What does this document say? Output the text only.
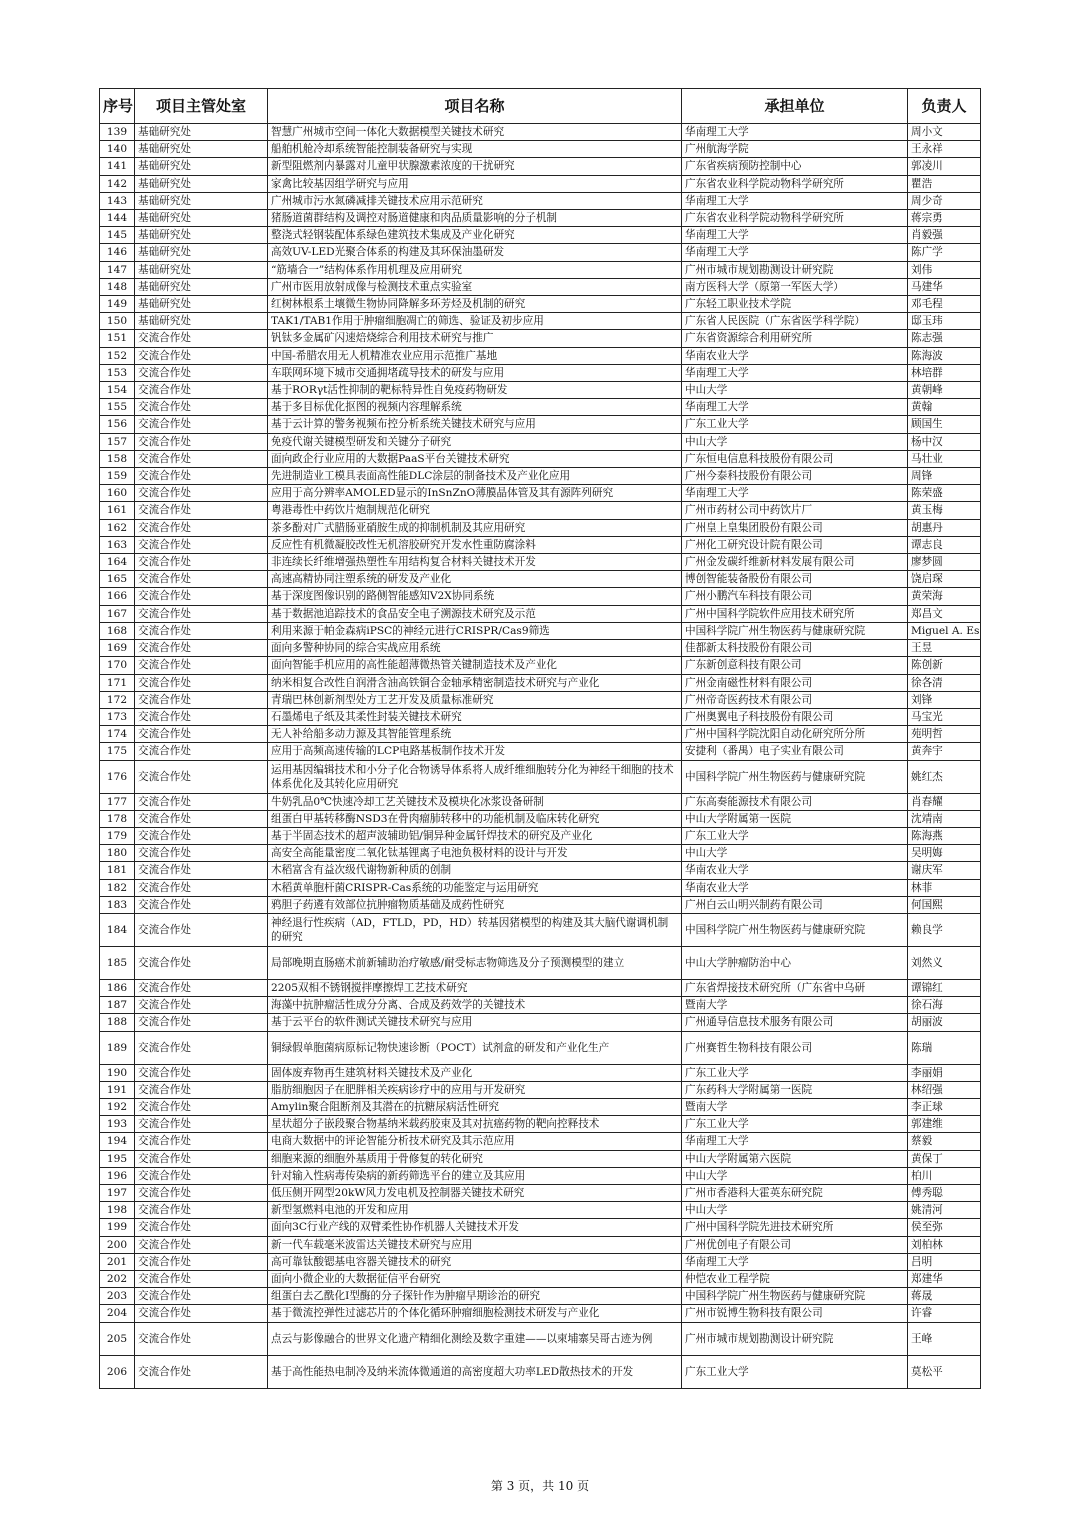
序号	项目主管处室	项目名称	承担单位	负责人
139	基础研究处	智慧广州城市空间一体化大数据模型关键技术研究	华南理工大学	周小文
140	基础研究处	船舶机舱冷却系统智能控制装备研究与实现	广州航海学院	王永祥
141	基础研究处	新型阻燃剂内暴露对儿童甲状腺激素浓度的干扰研究	广东省疾病预防控制中心	郭凌川
142	基础研究处	家禽比较基因组学研究与应用	广东省农业科学院动物科学研究所	瞿浩
143	基础研究处	广州城市污水氮磷减排关键技术应用示范研究	华南理工大学	周少奇
144	基础研究处	猪肠道菌群结构及调控对肠道健康和肉品质量影响的分子机制	广东省农业科学院动物科学研究所	蒋宗勇
145	基础研究处	整浇式轻钢装配体系绿色建筑技术集成及产业化研究	华南理工大学	肖毅强
146	基础研究处	高效UV-LED光聚合体系的构建及其环保油墨研发	华南理工大学	陈广学
147	基础研究处	“筋墙合一”结构体系作用机理及应用研究	广州市城市规划勘测设计研究院	刘伟
148	基础研究处	广州市医用放射成像与检测技术重点实验室	南方医科大学（原第一军医大学）	马建华
149	基础研究处	红树林根系土壤微生物协同降解多环芳烃及机制的研究	广东轻工职业技术学院	邓毛程
150	基础研究处	TAK1/TAB1作用于肿瘤细胞凋亡的筛选、验证及初步应用	广东省人民医院（广东省医学科学院）	邸玉玮
151	交流合作处	钒钛多金属矿闪速焙烧综合利用技术研究与推广	广东省资源综合利用研究所	陈志强
152	交流合作处	中国-希腊农用无人机精准农业应用示范推广基地	华南农业大学	陈海波
153	交流合作处	车联网环境下城市交通拥堵疏导技术的研发与应用	华南理工大学	林培群
154	交流合作处	基于RORγt活性抑制的靶标特异性自免疫药物研发	中山大学	黄朝峰
155	交流合作处	基于多目标优化抠图的视频内容理解系统	华南理工大学	黄翰
156	交流合作处	基于云计算的警务视频布控分析系统关键技术研究与应用	广东工业大学	顾国生
157	交流合作处	免疫代谢关键模型研发和关键分子研究	中山大学	杨中汉
158	交流合作处	面向政企行业应用的大数据PaaS平台关键技术研究	广东恒电信息科技股份有限公司	马壮业
159	交流合作处	先进制造业工模具表面高性能DLC涂层的制备技术及产业化应用	广州今泰科技股份有限公司	周锋
160	交流合作处	应用于高分辨率AMOLED显示的InSnZnO薄膜晶体管及其有源阵列研究	华南理工大学	陈荣盛
161	交流合作处	粤港毒性中药饮片炮制规范化研究	广州市药材公司中药饮片厂	黄玉梅
162	交流合作处	茶多酚对广式腊肠亚硝胺生成的抑制机制及其应用研究	广州皇上皇集团股份有限公司	胡惠丹
163	交流合作处	反应性有机微凝胶改性无机溶胶研究开发水性重防腐涂料	广州化工研究设计院有限公司	谭志良
164	交流合作处	非连续长纤维增强热塑性车用结构复合材料关键技术开发	广州金发碳纤维新材料发展有限公司	廖梦圆
165	交流合作处	高速高精协同注塑系统的研发及产业化	博创智能装备股份有限公司	饶启琛
166	交流合作处	基于深度图像识别的路侧智能感知V2X协同系统	广州小鹏汽车科技有限公司	黄荣海
167	交流合作处	基于数据池追踪技术的食品安全电子溯源技术研究及示范	广州中国科学院软件应用技术研究所	郑昌文
168	交流合作处	利用来源于帕金森病iPSC的神经元进行CRISPR/Cas9筛选	中国科学院广州生物医药与健康研究院	Miguel A. Es
169	交流合作处	面向多警种协同的综合实战应用系统	佳都新太科技股份有限公司	王昱
170	交流合作处	面向智能手机应用的高性能超薄微热管关键制造技术及产业化	广东新创意科技有限公司	陈创新
171	交流合作处	纳米相复合改性自润滑含油高铁铜合金轴承精密制造技术研究与产业化	广州金南磁性材料有限公司	徐各清
172	交流合作处	青瑞巴林创新剂型处方工艺开发及质量标准研究	广州帝奇医药技术有限公司	刘锋
173	交流合作处	石墨烯电子纸及其柔性封装关键技术研究	广州奥翼电子科技股份有限公司	马宝光
174	交流合作处	无人补给船多动力源及其智能管理系统	广州中国科学院沈阳自动化研究所分所	苑明哲
175	交流合作处	应用于高频高速传输的LCP电路基板制作技术开发	安捷利（番禺）电子实业有限公司	黄奔宇
176	交流合作处	运用基因编辑技术和小分子化合物诱导体系将人成纤维细胞转分化为神经干细胞的技术体系优化及其转化应用研究	中国科学院广州生物医药与健康研究院	姚红杰
177	交流合作处	牛奶乳品0℃快速冷却工艺关键技术及模块化冰浆设备研制	广东高奏能源技术有限公司	肖春耀
178	交流合作处	组蛋白甲基转移酶NSD3在骨肉瘤肺转移中的功能机制及临床转化研究	中山大学附属第一医院	沈靖南
179	交流合作处	基于半固态技术的超声波辅助铝/铜异种金属钎焊技术的研究及产业化	广东工业大学	陈海燕
180	交流合作处	高安全高能量密度二氧化钛基锂离子电池负极材料的设计与开发	中山大学	吴明娒
181	交流合作处	木稻富含有益次级代谢物新种质的创制	华南农业大学	谢庆军
182	交流合作处	木稻黄单胞杆菌CRISPR-Cas系统的功能鉴定与运用研究	华南农业大学	林菲
183	交流合作处	鸦胆子药遴有效部位抗肿瘤物质基础及成药性研究	广州白云山明兴制药有限公司	何国熙
184	交流合作处	神经退行性疾病（AD，FTLD，PD，HD）转基因猪模型的构建及其大脑代谢调机制的研究	中国科学院广州生物医药与健康研究院	赖良学
185	交流合作处	局部晚期直肠癌术前新辅助治疗敏感/耐受标志物筛选及分子预测模型的建立	中山大学肿瘤防治中心	刘然义
186	交流合作处	2205双相不锈钢搅拌摩擦焊工艺技术研究	广东省焊接技术研究所（广东省中乌研	谭锦红
187	交流合作处	海藻中抗肿瘤活性成分分离、合成及药效学的关键技术	暨南大学	徐石海
188	交流合作处	基于云平台的软件测试关键技术研究与应用	广州通导信息技术服务有限公司	胡丽波
189	交流合作处	铜绿假单胞菌病原标记物快速诊断（POCT）试剂盒的研发和产业化生产	广州赛哲生物科技有限公司	陈瑞
190	交流合作处	固体废弃物再生建筑材料关键技术及产业化	广东工业大学	李丽娟
191	交流合作处	脂肪细胞因子在肥胖相关疾病诊疗中的应用与开发研究	广东药科大学附属第一医院	林绍强
192	交流合作处	Amylin聚合阻断剂及其潜在的抗糖尿病活性研究	暨南大学	李正球
193	交流合作处	星状超分子嵌段聚合物基纳米载药胶束及其对抗癌药物的靶向控释技术	广东工业大学	郭建维
194	交流合作处	电商大数据中的评论智能分析技术研究及其示范应用	华南理工大学	蔡毅
195	交流合作处	细胞来源的细胞外基质用于骨修复的转化研究	中山大学附属第六医院	黄保丁
196	交流合作处	针对输入性病毒传染病的新药筛选平台的建立及其应用	中山大学	柏川
197	交流合作处	低压侧开网型20kW风力发电机及控制器关键技术研究	广州市香港科大霍英东研究院	傅秀聪
198	交流合作处	新型氢燃料电池的开发和应用	中山大学	姚清河
199	交流合作处	面向3C行业产线的双臂柔性协作机器人关键技术开发	广州中国科学院先进技术研究所	侯至弥
200	交流合作处	新一代车载毫米波雷达关键技术研究与应用	广州优创电子有限公司	刘柏林
201	交流合作处	高可靠钛酸锶基电容器关键技术的研究	华南理工大学	吕明
202	交流合作处	面向小微企业的大数据征信平台研究	仲恺农业工程学院	郑建华
203	交流合作处	组蛋白去乙酰化I型酶的分子探针作为肿瘤早期诊治的研究	中国科学院广州生物医药与健康研究院	蒋晟
204	交流合作处	基于微流控弹性过滤芯片的个体化循环肿瘤细胞检测技术研发与产业化	广州市锐博生物科技有限公司	许睿
205	交流合作处	点云与影像融合的世界文化遗产精细化测绘及数字重建——以柬埔寨吴哥古迹为例	广州市城市规划勘测设计研究院	王峰
206	交流合作处	基于高性能热电制冷及纳米流体微通道的高密度超大功率LED散热技术的开发	广东工业大学	莫松平
第 3 页，共 10 页
